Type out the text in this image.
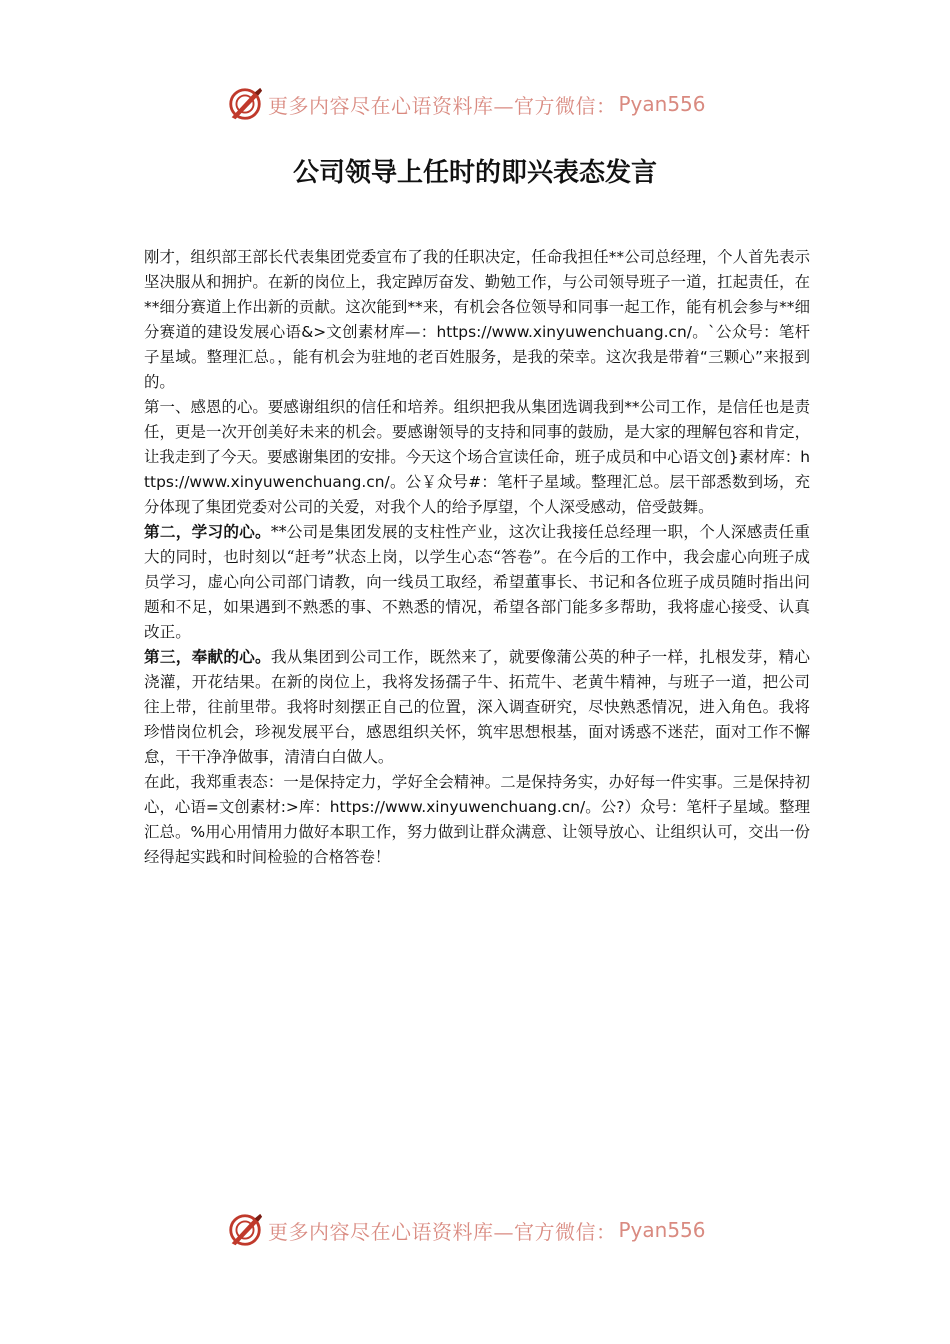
更多内容尽在心语资料库—官方微信： Pyan556
公司领导上任时的即兴表态发言

刚才，组织部王部长代表集团党委宣布了我的任职决定，任命我担任**公司总经理，个人首先表示坚决服从和拥护。在新的岗位上，我定踔厉奋发、勤勉工作，与公司领导班子一道，扛起责任，在**细分赛道上作出新的贡献。这次能到**来，有机会各位领导和同事一起工作，能有机会参与**细分赛道的建设发展心语&>文创素材库—：https://www.xinyuwenchuang.cn/。`公众号：笔杆子星域。整理汇总。，能有机会为驻地的老百姓服务，是我的荣幸。这次我是带着“三颗心”来报到的。

第一、感恩的心。要感谢组织的信任和培养。组织把我从集团选调我到**公司工作，是信任也是责任，更是一次开创美好未来的机会。要感谢领导的支持和同事的鼓励，是大家的理解包容和肯定，让我走到了今天。要感谢集团的安排。今天这个场合宣读任命，班子成员和中心语文创}素材库：https://www.xinyuwenchuang.cn/。公￥众号#：笔杆子星域。整理汇总。层干部悉数到场，充分体现了集团党委对公司的关爱，对我个人的给予厚望，个人深受感动，倍受鼓舞。

第二，学习的心。**公司是集团发展的支柱性产业，这次让我接任总经理一职，个人深感责任重大的同时，也时刻以“赶考”状态上岗，以学生心态“答卷”。在今后的工作中，我会虚心向班子成员学习，虚心向公司部门请教，向一线员工取经，希望董事长、书记和各位班子成员随时指出问题和不足，如果遇到不熟悉的事、不熟悉的情况，希望各部门能多多帮助，我将虚心接受、认真改正。

第三，奉献的心。我从集团到公司工作，既然来了，就要像蒲公英的种子一样，扎根发芽，精心浇灌，开花结果。在新的岗位上，我将发扬孺子牛、拓荒牛、老黄牛精神，与班子一道，把公司往上带，往前里带。我将时刻摆正自己的位置，深入调查研究，尽快熟悉情况，进入角色。我将珍惜岗位机会，珍视发展平台，感恩组织关怀，筑牢思想根基，面对诱惑不迷茫，面对工作不懈怠，干干净净做事，清清白白做人。

在此，我郑重表态：一是保持定力，学好全会精神。二是保持务实，办好每一件实事。三是保持初心，心语=文创素材:>库：https://www.xinyuwenchuang.cn/。公?）众号：笔杆子星域。整理汇总。%用心用情用力做好本职工作，努力做到让群众满意、让领导放心、让组织认可，交出一份经得起实践和时间检验的合格答卷！

更多内容尽在心语资料库—官方微信： Pyan556
